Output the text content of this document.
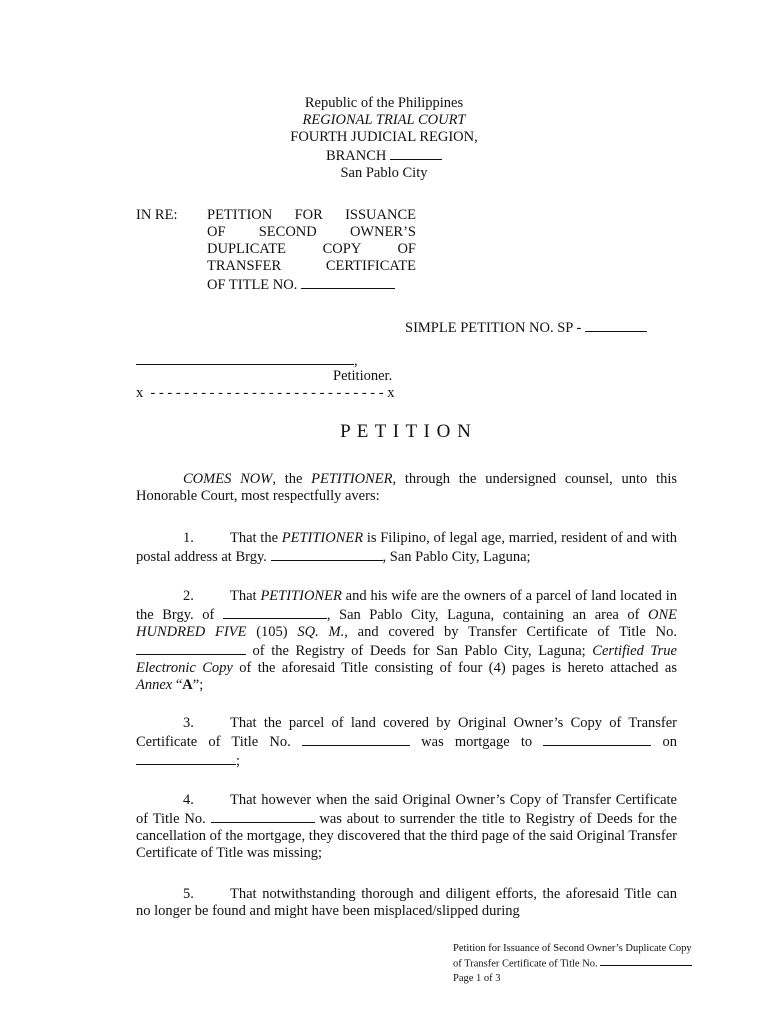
Republic of the Philippines
REGIONAL TRIAL COURT
FOURTH JUDICIAL REGION,
BRANCH
San Pablo City
IN RE: PETITION FOR ISSUANCE
OF SECOND OWNER’S
DUPLICATE COPY OF
TRANSFER CERTIFICATE
OF TITLE NO.
SIMPLE PETITION NO. SP -
,
Petitioner.
x  - - - - - - - - - - - - - - - - - - - - - - - - - - - - x
P E T I T I O N
COMES NOW, the PETITIONER, through the undersigned counsel, unto this Honorable Court, most respectfully avers:
1. That the PETITIONER is Filipino, of legal age, married, resident of and with postal address at Brgy.	, San Pablo City, Laguna;
2. That PETITIONER and his wife are the owners of a parcel of land located in the Brgy. of	, San Pablo City, Laguna, containing an area of ONE HUNDRED FIVE (105) SQ. M., and covered by Transfer Certificate of Title No.  of the Registry of Deeds for San Pablo City, Laguna; Certified True Electronic Copy of the aforesaid Title consisting of four (4) pages is hereto attached as Annex “A”;
3. That the parcel of land covered by Original Owner’s Copy of Transfer Certificate of Title No.	was mortgage to	on ;
4. That however when the said Original Owner’s Copy of Transfer Certificate of Title No.	was about to surrender the title to Registry of Deeds for the cancellation of the mortgage, they discovered that the third page of the said Original Transfer Certificate of Title was missing;
5. That notwithstanding thorough and diligent efforts, the aforesaid Title can no longer be found and might have been misplaced/slipped during
Petition for Issuance of Second Owner’s Duplicate Copy
of Transfer Certificate of Title No.
Page 1 of 3
